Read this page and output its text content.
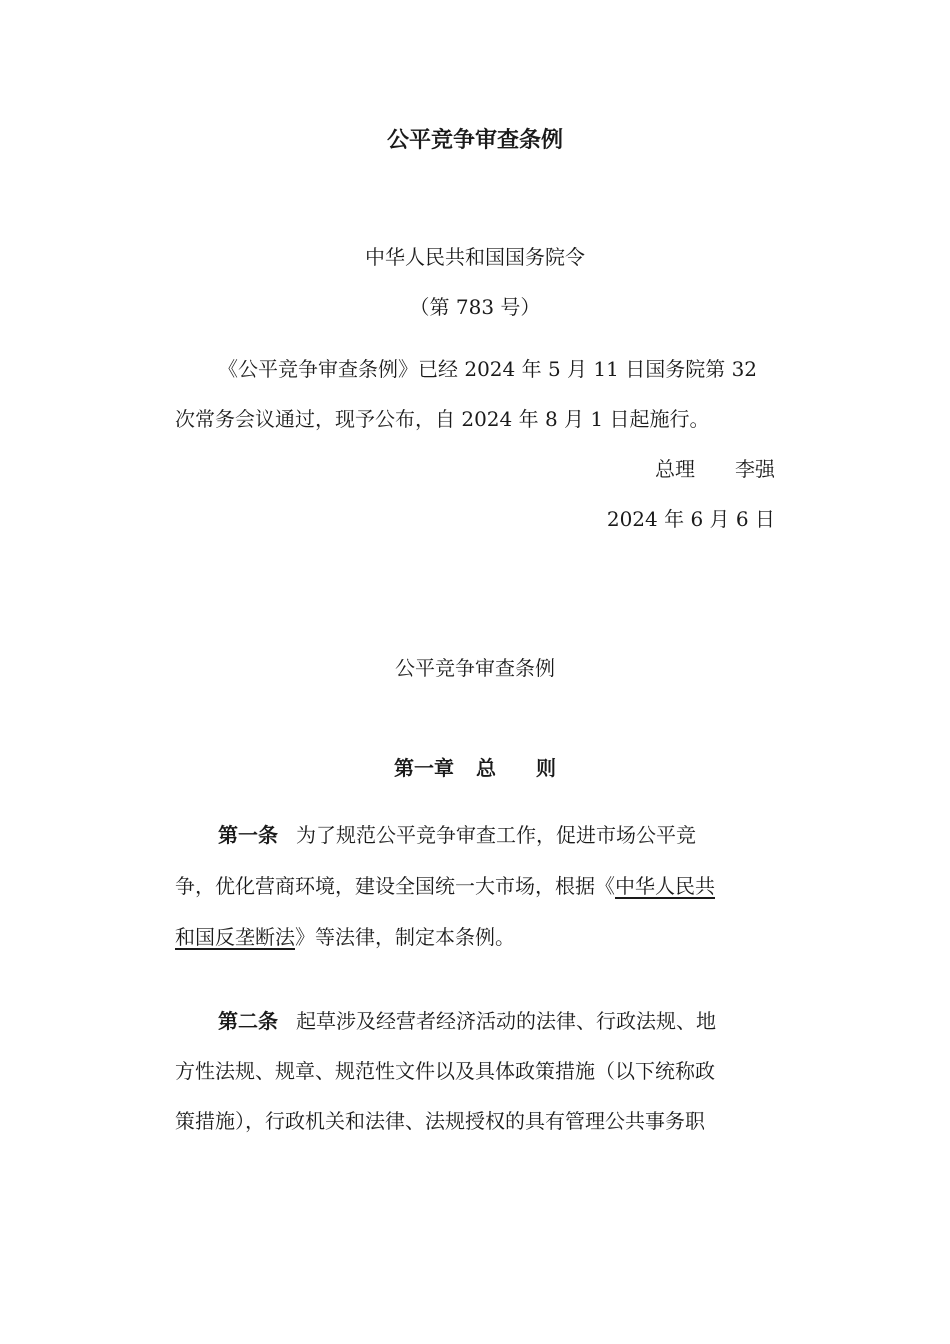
公平竞争审查条例
中华人民共和国国务院令
（第 783 号）
《公平竞争审查条例》已经 2024 年 5 月 11 日国务院第 32
次常务会议通过，现予公布，自 2024 年 8 月 1 日起施行。
总理 李强
2024 年 6 月 6 日
公平竞争审查条例
第一章 总 则
第一条 为了规范公平竞争审查工作，促进市场公平竞
争，优化营商环境，建设全国统一大市场，根据《中华人民共
和国反垄断法》等法律，制定本条例。
第二条 起草涉及经营者经济活动的法律、行政法规、地
方性法规、规章、规范性文件以及具体政策措施（以下统称政
策措施），行政机关和法律、法规授权的具有管理公共事务职
